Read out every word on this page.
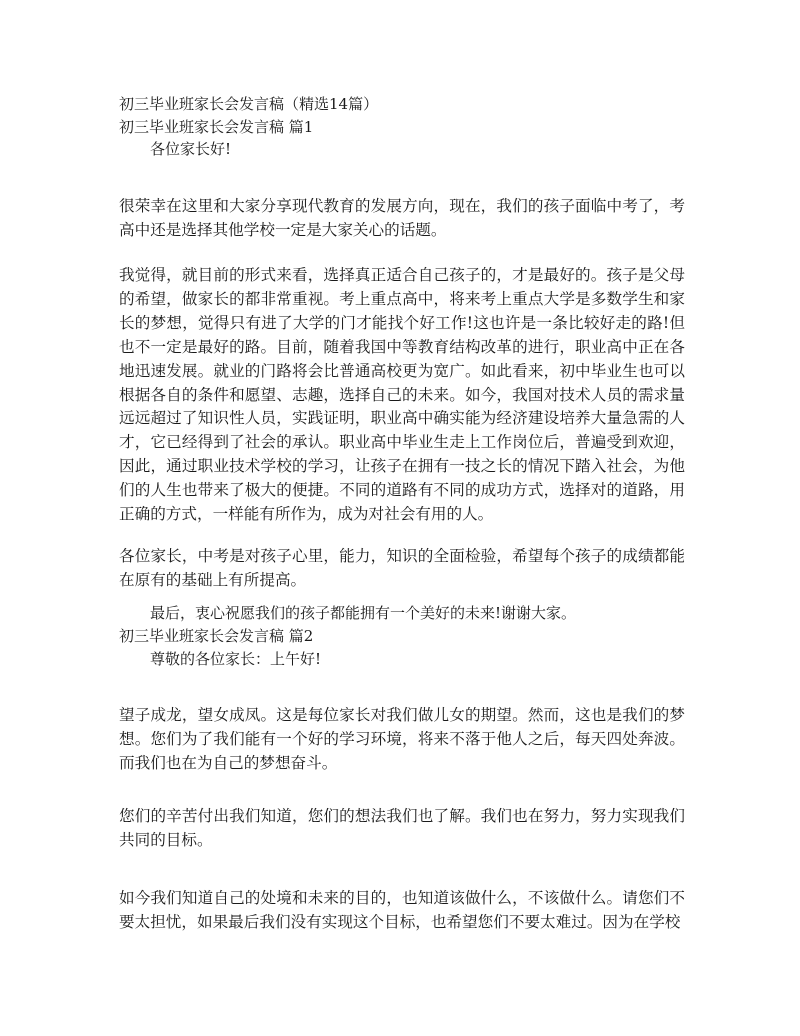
初三毕业班家长会发言稿（精选14篇）
初三毕业班家长会发言稿 篇1
各位家长好!
很荣幸在这里和大家分享现代教育的发展方向，现在，我们的孩子面临中考了，考高中还是选择其他学校一定是大家关心的话题。
我觉得，就目前的形式来看，选择真正适合自己孩子的，才是最好的。孩子是父母的希望，做家长的都非常重视。考上重点高中，将来考上重点大学是多数学生和家长的梦想，觉得只有进了大学的门才能找个好工作!这也许是一条比较好走的路!但也不一定是最好的路。目前，随着我国中等教育结构改革的进行，职业高中正在各地迅速发展。就业的门路将会比普通高校更为宽广。如此看来，初中毕业生也可以根据各自的条件和愿望、志趣，选择自己的未来。如今，我国对技术人员的需求量远远超过了知识性人员，实践证明，职业高中确实能为经济建设培养大量急需的人才，它已经得到了社会的承认。职业高中毕业生走上工作岗位后，普遍受到欢迎，因此，通过职业技术学校的学习，让孩子在拥有一技之长的情况下踏入社会，为他们的人生也带来了极大的便捷。不同的道路有不同的成功方式，选择对的道路，用正确的方式，一样能有所作为，成为对社会有用的人。
各位家长，中考是对孩子心里，能力，知识的全面检验，希望每个孩子的成绩都能在原有的基础上有所提高。
最后，衷心祝愿我们的孩子都能拥有一个美好的未来!谢谢大家。
初三毕业班家长会发言稿 篇2
尊敬的各位家长：上午好!
望子成龙，望女成凤。这是每位家长对我们做儿女的期望。然而，这也是我们的梦想。您们为了我们能有一个好的学习环境，将来不落于他人之后，每天四处奔波。而我们也在为自己的梦想奋斗。
您们的辛苦付出我们知道，您们的想法我们也了解。我们也在努力，努力实现我们共同的目标。
如今我们知道自己的处境和未来的目的，也知道该做什么，不该做什么。请您们不要太担忧，如果最后我们没有实现这个目标，也希望您们不要太难过。因为在学校
